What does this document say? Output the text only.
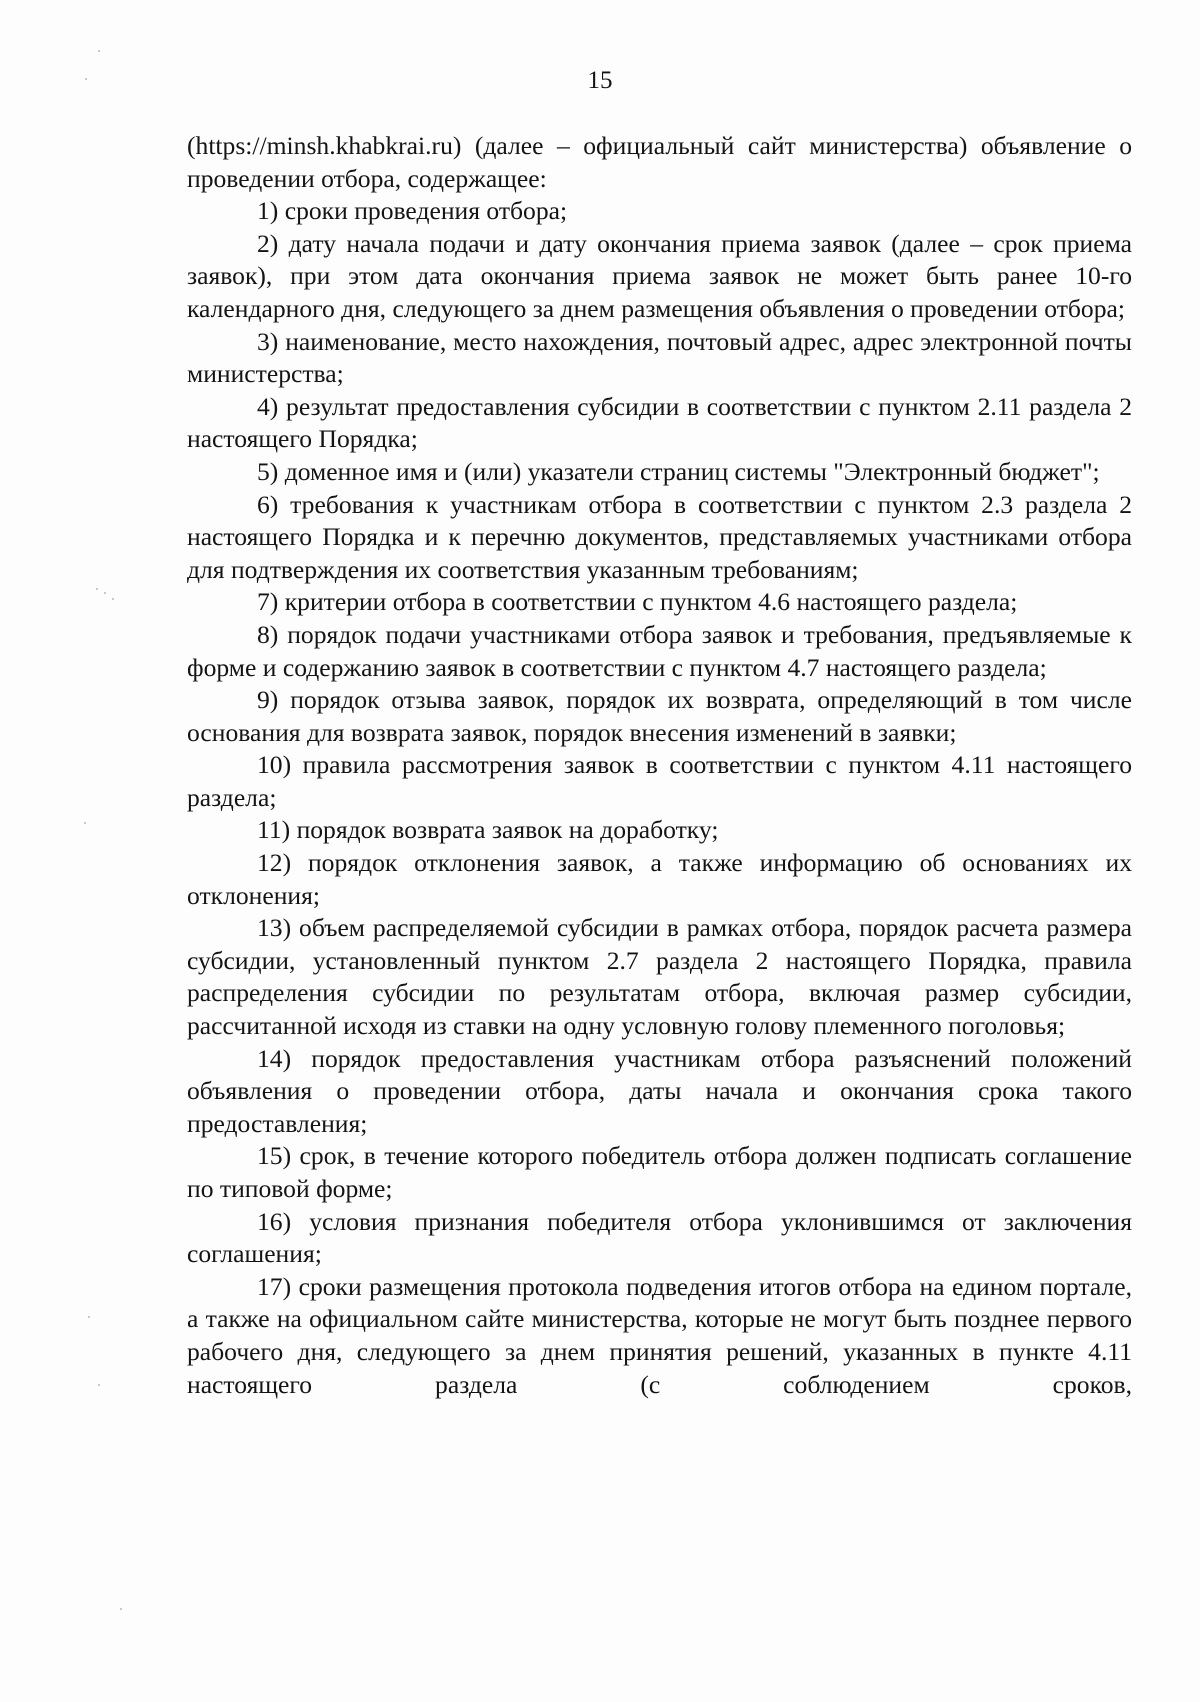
15

(https://minsh.khabkrai.ru) (далее – официальный сайт министерства) объявление о проведении отбора, содержащее:

1) сроки проведения отбора;

2) дату начала подачи и дату окончания приема заявок (далее – срок приема заявок), при этом дата окончания приема заявок не может быть ранее 10-го календарного дня, следующего за днем размещения объявления о проведении отбора;

3) наименование, место нахождения, почтовый адрес, адрес электронной почты министерства;

4) результат предоставления субсидии в соответствии с пунктом 2.11 раздела 2 настоящего Порядка;

5) доменное имя и (или) указатели страниц системы "Электронный бюджет";

6) требования к участникам отбора в соответствии с пунктом 2.3 раздела 2 настоящего Порядка и к перечню документов, представляемых участниками отбора для подтверждения их соответствия указанным требованиям;

7) критерии отбора в соответствии с пунктом 4.6 настоящего раздела;

8) порядок подачи участниками отбора заявок и требования, предъявляемые к форме и содержанию заявок в соответствии с пунктом 4.7 настоящего раздела;

9) порядок отзыва заявок, порядок их возврата, определяющий в том числе основания для возврата заявок, порядок внесения изменений в заявки;

10) правила рассмотрения заявок в соответствии с пунктом 4.11 настоящего раздела;

11) порядок возврата заявок на доработку;

12) порядок отклонения заявок, а также информацию об основаниях их отклонения;

13) объем распределяемой субсидии в рамках отбора, порядок расчета размера субсидии, установленный пунктом 2.7 раздела 2 настоящего Порядка, правила распределения субсидии по результатам отбора, включая размер субсидии, рассчитанной исходя из ставки на одну условную голову племенного поголовья;

14) порядок предоставления участникам отбора разъяснений положений объявления о проведении отбора, даты начала и окончания срока такого предоставления;

15) срок, в течение которого победитель отбора должен подписать соглашение по типовой форме;

16) условия признания победителя отбора уклонившимся от заключения соглашения;

17) сроки размещения протокола подведения итогов отбора на едином портале, а также на официальном сайте министерства, которые не могут быть позднее первого рабочего дня, следующего за днем принятия решений, указанных в пункте 4.11 настоящего раздела (с соблюдением сроков,
